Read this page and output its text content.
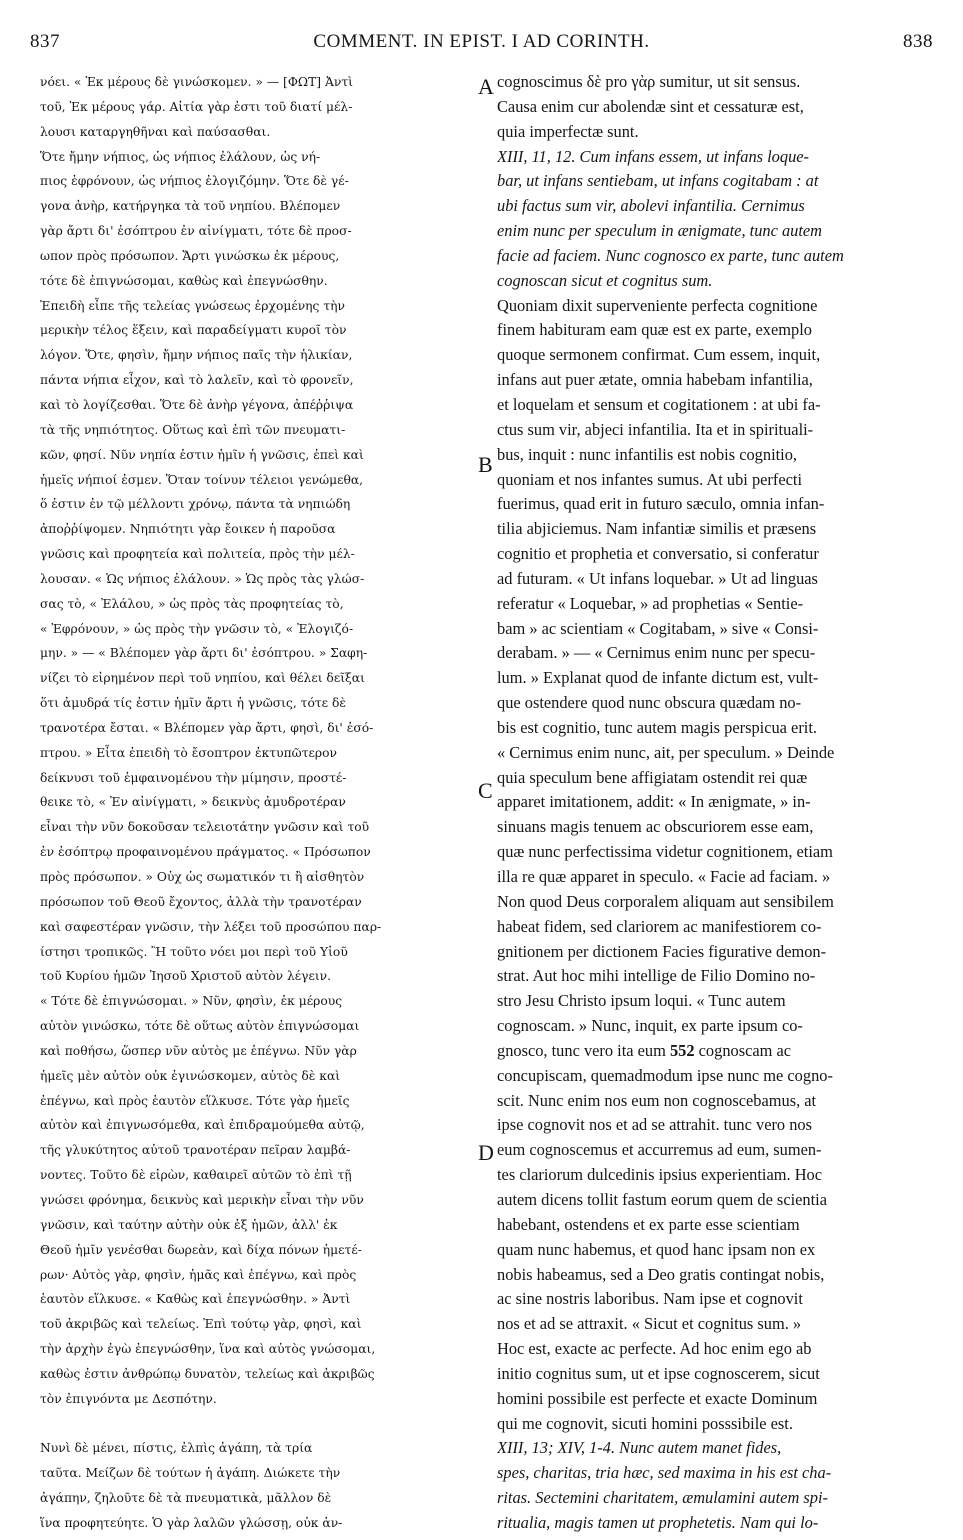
837	COMMENT. IN EPIST. I AD CORINTH.	838
νόει. « Ἐκ μέρους δὲ γινώσκομεν. » — [ΦΩΤ] Ἀντὶ
τοῦ, Ἐκ μέρους γάρ. Αἰτία γὰρ ἐστι τοῦ διατί μέλ-
λουσι καταργηθῆναι καὶ παύσασθαι.
Ὅτε ἤμην νήπιος, ὡς νήπιος ἐλάλουν, ὡς νή-
πιος ἐφρόνουν, ὡς νήπιος ἐλογιζόμην. Ὅτε δὲ γέ-
γονα ἀνὴρ, κατήργηκα τὰ τοῦ νηπίου. Βλέπομεν
γὰρ ἄρτι δι' ἐσόπτρου ἐν αἰνίγματι, τότε δὲ προσ-
ωπον πρὸς πρόσωπον. Ἄρτι γινώσκω ἐκ μέρους,
τότε δὲ ἐπιγνώσομαι, καθὼς καὶ ἐπεγνώσθην.
Ἐπειδὴ εἶπε τῆς τελείας γνώσεως ἐρχομένης τὴν
μερικὴν τέλος ἕξειν, καὶ παραδείγματι κυροῖ τὸν
λόγον. Ὅτε, φησὶν, ἤμην νήπιος παῖς τὴν ἡλικίαν,
πάντα νήπια εἶχον, καὶ τὸ λαλεῖν, καὶ τὸ φρονεῖν,
καὶ τὸ λογίζεσθαι. Ὅτε δὲ ἀνὴρ γέγονα, ἀπέῤῥιψα
τὰ τῆς νηπιότητος. Οὕτως καὶ ἐπὶ τῶν πνευματι-
κῶν, φησί. Νῦν νηπία ἐστιν ἡμῖν ἡ γνῶσις, ἐπεὶ καὶ
ἡμεῖς νήπιοί ἐσμεν. Ὅταν τοίνυν τέλειοι γενώμεθα,
ὅ ἐστιν ἐν τῷ μέλλοντι χρόνῳ, πάντα τὰ νηπιώδη
ἀποῤῥίψομεν. Νηπιότητι γὰρ ἔοικεν ἡ παροῦσα
γνῶσις καὶ προφητεία καὶ πολιτεία, πρὸς τὴν μέλ-
λουσαν. « Ὡς νήπιος ἐλάλουν. » Ὡς πρὸς τὰς γλώσ-
σας τὸ, « Ἐλάλου, » ὡς πρὸς τὰς προφητείας τὸ,
« Ἐφρόνουν, » ὡς πρὸς τὴν γνῶσιν τὸ, « Ἐλογιζό-
μην. » — « Βλέπομεν γὰρ ἄρτι δι' ἐσόπτρου. » Σαφη-
νίζει τὸ εἰρημένον περὶ τοῦ νηπίου, καὶ θέλει δεῖξαι
ὅτι ἀμυδρά τίς ἐστιν ἡμῖν ἄρτι ἡ γνῶσις, τότε δὲ
τρανοτέρα ἔσται. « Βλέπομεν γὰρ ἄρτι, φησὶ, δι' ἐσό-
πτρου. » Εἶτα ἐπειδὴ τὸ ἔσοπτρον ἐκτυπῶτερον
δείκνυσι τοῦ ἐμφαινομένου τὴν μίμησιν, προστέ-
θεικε τὸ, « Ἐν αἰνίγματι, » δεικνὺς ἀμυδροτέραν
εἶναι τὴν νῦν δοκοῦσαν τελειοτάτην γνῶσιν καὶ τοῦ
ἐν ἐσόπτρῳ προφαινομένου πράγματος. « Πρόσωπον
πρὸς πρόσωπον. » Οὐχ ὡς σωματικόν τι ἢ αἰσθητὸν
πρόσωπον τοῦ Θεοῦ ἔχοντος, ἀλλὰ τὴν τρανοτέραν
καὶ σαφεστέραν γνῶσιν, τὴν λέξει τοῦ προσώπου παρ-
ίστησι τροπικῶς. Ἢ τοῦτο νόει μοι περὶ τοῦ Υἱοῦ
τοῦ Κυρίου ἡμῶν Ἰησοῦ Χριστοῦ αὐτὸν λέγειν.
« Τότε δὲ ἐπιγνώσομαι. » Νῦν, φησὶν, ἐκ μέρους
αὐτὸν γινώσκω, τότε δὲ οὕτως αὐτὸν ἐπιγνώσομαι
καὶ ποθήσω, ὥσπερ νῦν αὐτὸς με ἐπέγνω. Νῦν γὰρ
ἡμεῖς μὲν αὐτὸν οὐκ ἐγινώσκομεν, αὐτὸς δὲ καὶ
ἐπέγνω, καὶ πρὸς ἑαυτὸν εἵλκυσε. Τότε γὰρ ἡμεῖς
αὐτὸν καὶ ἐπιγνωσόμεθα, καὶ ἐπιδραμούμεθα αὐτῷ,
τῆς γλυκύτητος αὐτοῦ τρανοτέραν πεῖραν λαμβά-
νοντες. Τοῦτο δὲ εἰρὼν, καθαιρεῖ αὐτῶν τὸ ἐπὶ τῇ
γνώσει φρόνημα, δεικνὺς καὶ μερικὴν εἶναι τὴν νῦν
γνῶσιν, καὶ ταύτην αὐτὴν οὐκ ἐξ ἡμῶν, ἀλλ' ἐκ
Θεοῦ ἡμῖν γενέσθαι δωρεὰν, καὶ δίχα πόνων ἡμετέ-
ρων· Αὐτὸς γὰρ, φησὶν, ἡμᾶς καὶ ἐπέγνω, καὶ πρὸς
ἑαυτὸν εἵλκυσε. « Καθὼς καὶ ἐπεγνώσθην. » Ἀντὶ
τοῦ ἀκριβῶς καὶ τελείως. Ἐπὶ τούτῳ γὰρ, φησὶ, καὶ
τὴν ἀρχὴν ἐγὼ ἐπεγνώσθην, ἵνα καὶ αὐτὸς γνώσομαι,
καθὼς ἐστιν ἀνθρώπῳ δυνατὸν, τελείως καὶ ἀκριβῶς
τὸν ἐπιγνόντα με Δεσπότην.
Νυνὶ δὲ μένει, πίστις, ἐλπὶς ἀγάπη, τὰ τρία
ταῦτα. Μείζων δὲ τούτων ἡ ἀγάπη. Διώκετε τὴν
ἀγάπην, ζηλοῦτε δὲ τὰ πνευματικὰ, μᾶλλον δὲ
ἵνα προφητεύητε. Ὁ γὰρ λαλῶν γλώσσῃ, οὐκ ἀν-
cognoscimus δὲ pro γὰρ sumitur, ut sit sensus.
Causa enim cur abolendæ sint et cessaturæ est,
quia imperfectæ sunt.
XIII, 11, 12. Cum infans essem, ut infans loque-
bar, ut infans sentiebam, ut infans cogitabam : at
ubi factus sum vir, abolevi infantilia. Cernimus
enim nunc per speculum in ænigmate, tunc autem
facie ad faciem. Nunc cognosco ex parte, tunc autem
cognoscan sicut et cognitus sum.
Quoniam dixit superveniente perfecta cognitione
finem habituram eam quæ est ex parte, exemplo
quoque sermonem confirmat. Cum essem, inquit,
infans aut puer ætate, omnia habebam infantilia,
et loquelam et sensum et cogitationem : at ubi fa-
ctus sum vir, abjeci infantilia. Ita et in spirituali-
bus, inquit : nunc infantilis est nobis cognitio,
quoniam et nos infantes sumus. At ubi perfecti
fuerimus, quad erit in futuro sæculo, omnia infan-
tilia abjiciemus. Nam infantiæ similis et præsens
cognitio et prophetia et conversatio, si conferatur
ad futuram. « Ut infans loquebar. » Ut ad linguas
referatur « Loquebar, » ad prophetias « Sentie-
bam » ac scientiam « Cogitabam, » sive « Consi-
derabam. » — « Cernimus enim nunc per specu-
lum. » Explanat quod de infante dictum est, vult-
que ostendere quod nunc obscura quædam no-
bis est cognitio, tunc autem magis perspicua erit.
« Cernimus enim nunc, ait, per speculum. » Deinde
quia speculum bene affigiatam ostendit rei quæ
apparet imitationem, addit: « In ænigmate, » in-
sinuans magis tenuem ac obscuriorem esse eam,
quæ nunc perfectissima videtur cognitionem, etiam
illa re quæ apparet in speculo. « Facie ad faciam. »
Non quod Deus corporalem aliquam aut sensibilem
habeat fidem, sed clariorem ac manifestiorem co-
gnitionem per dictionem Facies figurative demon-
strat. Aut hoc mihi intellige de Filio Domino no-
stro Jesu Christo ipsum loqui. « Tunc autem
cognoscam. » Nunc, inquit, ex parte ipsum co-
gnosco, tunc vero ita eum 552 cognoscam ac
concupiscam, quemadmodum ipse nunc me cogno-
scit. Nunc enim nos eum non cognoscebamus, at
ipse cognovit nos et ad se attrahit. tunc vero nos
eum cognoscemus et accurremus ad eum, sumen-
tes clariorum dulcedinis ipsius experientiam. Hoc
autem dicens tollit fastum eorum quem de scientia
habebant, ostendens et ex parte esse scientiam
quam nunc habemus, et quod hanc ipsam non ex
nobis habeamus, sed a Deo gratis contingat nobis,
ac sine nostris laboribus. Nam ipse et cognovit
nos et ad se attraxit. « Sicut et cognitus sum. »
Hoc est, exacte ac perfecte. Ad hoc enim ego ab
initio cognitus sum, ut et ipse cognoscerem, sicut
homini possibile est perfecte et exacte Dominum
qui me cognovit, sicuti homini posssibile est.
XIII, 13; XIV, 1-4. Nunc autem manet fides,
spes, charitas, tria hæc, sed maxima in his est cha-
ritas. Sectemini charitatem, æmulamini autem spi-
ritualia, magis tamen ut prophetetis. Nam qui lo-
A
B
C
D
